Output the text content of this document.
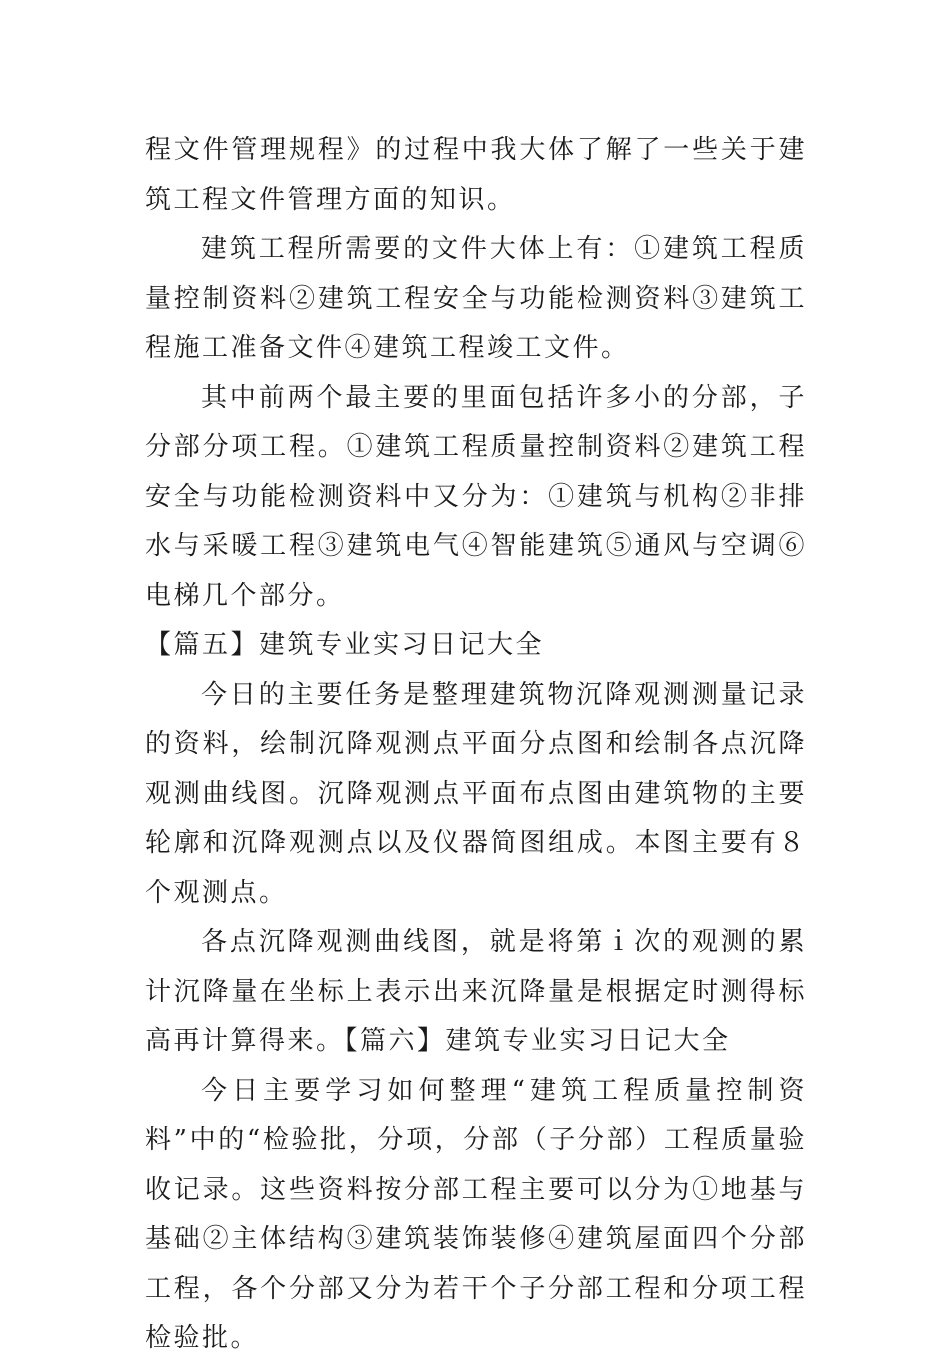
程文件管理规程》的过程中我大体了解了一些关于建筑工程文件管理方面的知识。

建筑工程所需要的文件大体上有：①建筑工程质量控制资料②建筑工程安全与功能检测资料③建筑工程施工准备文件④建筑工程竣工文件。

其中前两个最主要的里面包括许多小的分部，子分部分项工程。①建筑工程质量控制资料②建筑工程安全与功能检测资料中又分为：①建筑与机构②非排水与采暖工程③建筑电气④智能建筑⑤通风与空调⑥电梯几个部分。

【篇五】建筑专业实习日记大全

今日的主要任务是整理建筑物沉降观测测量记录的资料，绘制沉降观测点平面分点图和绘制各点沉降观测曲线图。沉降观测点平面布点图由建筑物的主要轮廓和沉降观测点以及仪器简图组成。本图主要有８个观测点。

各点沉降观测曲线图，就是将第ｉ次的观测的累计沉降量在坐标上表示出来沉降量是根据定时测得标高再计算得来。【篇六】建筑专业实习日记大全

今日主要学习如何整理“建筑工程质量控制资料”中的“检验批，分项，分部（子分部）工程质量验收记录。这些资料按分部工程主要可以分为①地基与基础②主体结构③建筑装饰装修④建筑屋面四个分部工程，各个分部又分为若干个子分部工程和分项工程检验批。
